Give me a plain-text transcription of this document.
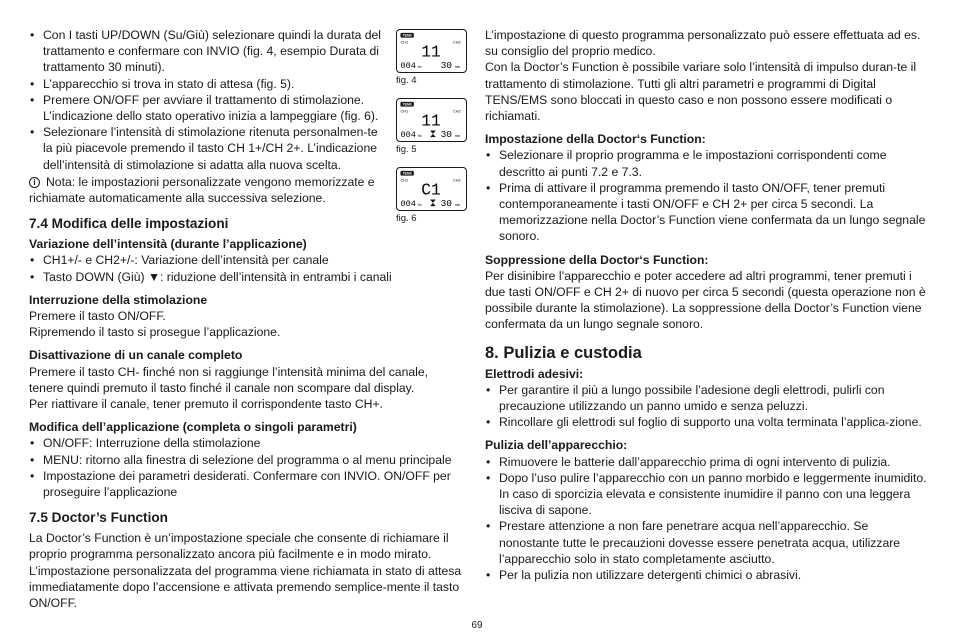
• Con I tasti UP/DOWN (Su/Giù) selezionare quindi la durata del trattamento e confermare con INVIO (fig. 4, esempio Durata di trattamento 30 minuti).
• L’apparecchio si trova in stato di attesa (fig. 5).
• Premere ON/OFF per avviare il trattamento di stimolazione. L’indicazione dello stato operativo inizia a lampeggiare (fig. 6).
• Selezionare l’intensità di stimolazione ritenuta personalmen-te la più piacevole premendo il tasto CH 1+/CH 2+. L’indicazione dell’intensità di stimolazione si adatta alla nuova scelta.

i Nota: le impostazioni personalizzate vengono memorizzate e richiamate automaticamente alla successiva selezione.

7.4 Modifica delle impostazioni
Variazione dell’intensità (durante l’applicazione)
• CH1+/- e CH2+/-: Variazione dell’intensità per canale
• Tasto DOWN (Giù) ▼: riduzione dell’intensità in entrambi i canali
Interruzione della stimolazione

Premere il tasto ON/OFF.

Ripremendo il tasto si prosegue l’applicazione.

Disattivazione di un canale completo

Premere il tasto CH- finché non si raggiunge l’intensità minima del canale,

tenere quindi premuto il tasto finché il canale non scompare dal display.

Per riattivare il canale, tener premuto il corrispondente tasto CH+.

Modifica dell’applicazione (completa o singoli parametri)
• ON/OFF: Interruzione della stimolazione
• MENU: ritorno alla finestra di selezione del programma o al menu principale
• Impostazione dei parametri desiderati. Confermare con INVIO. ON/OFF per proseguire l’applicazione
7.5 Doctor’s Function

La Doctor’s Function è un’impostazione speciale che consente di richiamare il proprio programma personalizzato ancora più facilmente e in modo mirato. L’impostazione personalizzata del programma viene richiamata in stato di attesa immediatamente dopo l’accensione e attivata premendo semplice-mente il tasto ON/OFF.

TENS
CH1	CH2
11
004 Hz 30 min
fig. 4
TENS
CH1	CH2
11
004 Hz 30 min
fig. 5
TENS
CH1	CH2
C1
004 Hz 30 min
fig. 6

L’impostazione di questo programma personalizzato può essere effettuata ad es. su consiglio del proprio medico.

Con la Doctor’s Function è possibile variare solo l’intensità di impulso duran-te il trattamento di stimolazione. Tutti gli altri parametri e programmi di Digital TENS/EMS sono bloccati in questo caso e non possono essere modificati o richiamati.

Impostazione della Doctor‘s Function:
• Selezionare il proprio programma e le impostazioni corrispondenti come descritto ai punti 7.2 e 7.3.
• Prima di attivare il programma premendo il tasto ON/OFF, tener premuti contemporaneamente i tasti ON/OFF e CH 2+ per circa 5 secondi. La memorizzazione nella Doctor’s Function viene confermata da un lungo segnale sonoro.
Soppressione della Doctor‘s Function:

Per disinibire l’apparecchio e poter accedere ad altri programmi, tener premuti i due tasti ON/OFF e CH 2+ di nuovo per circa 5 secondi (questa operazione non è possibile durante la stimolazione). La soppressione della Doctor’s Function viene confermata da un lungo segnale sonoro.

8. Pulizia e custodia
Elettrodi adesivi:
• Per garantire il più a lungo possibile l’adesione degli elettrodi, pulirli con precauzione utilizzando un panno umido e senza peluzzi.
• Rincollare gli elettrodi sul foglio di supporto una volta terminata l’applica-zione.
Pulizia dell’apparecchio:
• Rimuovere le batterie dall’apparecchio prima di ogni intervento di pulizia.
• Dopo l’uso pulire l’apparecchio con un panno morbido e leggermente inumidito. In caso di sporcizia elevata e consistente inumidire il panno con una leggera lisciva di sapone.
• Prestare attenzione a non fare penetrare acqua nell’apparecchio. Se nonostante tutte le precauzioni dovesse essere penetrata acqua, utilizzare l’apparecchio solo in stato completamente asciutto.
• Per la pulizia non utilizzare detergenti chimici o abrasivi.
69
